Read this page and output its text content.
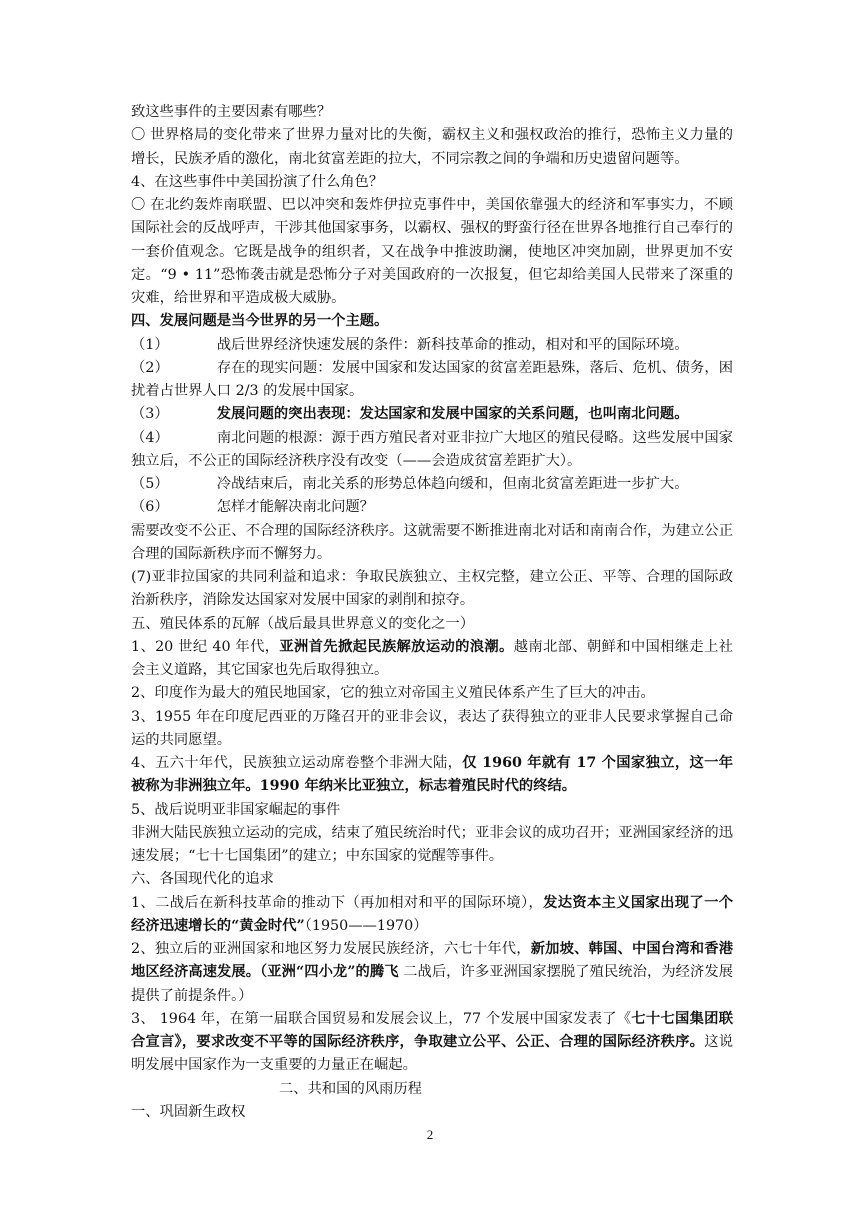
致这些事件的主要因素有哪些？

〇 世界格局的变化带来了世界力量对比的失衡，霸权主义和强权政治的推行，恐怖主义力量的增长，民族矛盾的激化，南北贫富差距的拉大，不同宗教之间的争端和历史遗留问题等。

4、在这些事件中美国扮演了什么角色？

〇 在北约轰炸南联盟、巴以冲突和轰炸伊拉克事件中，美国依靠强大的经济和军事实力，不顾国际社会的反战呼声，干涉其他国家事务，以霸权、强权的野蛮行径在世界各地推行自己奉行的一套价值观念。它既是战争的组织者，又在战争中推波助澜，使地区冲突加剧，世界更加不安定。“9 • 11”恐怖袭击就是恐怖分子对美国政府的一次报复，但它却给美国人民带来了深重的灾难，给世界和平造成极大威胁。

四、发展问题是当今世界的另一个主题。

（1）	战后世界经济快速发展的条件：新科技革命的推动，相对和平的国际环境。

（2）	存在的现实问题：发展中国家和发达国家的贫富差距悬殊，落后、危机、债务，困扰着占世界人口 2/3 的发展中国家。

（3）	发展问题的突出表现：发达国家和发展中国家的关系问题，也叫南北问题。

（4）	南北问题的根源：源于西方殖民者对亚非拉广大地区的殖民侵略。这些发展中国家独立后，不公正的国际经济秩序没有改变（——会造成贫富差距扩大）。

（5）	冷战结束后，南北关系的形势总体趋向缓和，但南北贫富差距进一步扩大。

（6）	怎样才能解决南北问题？

需要改变不公正、不合理的国际经济秩序。这就需要不断推进南北对话和南南合作，为建立公正合理的国际新秩序而不懈努力。

(7)亚非拉国家的共同利益和追求：争取民族独立、主权完整，建立公正、平等、合理的国际政治新秩序，消除发达国家对发展中国家的剥削和掠夺。

五、殖民体系的瓦解（战后最具世界意义的变化之一）

1、20 世纪 40 年代，亚洲首先掀起民族解放运动的浪潮。越南北部、朝鲜和中国相继走上社会主义道路，其它国家也先后取得独立。

2、印度作为最大的殖民地国家，它的独立对帝国主义殖民体系产生了巨大的冲击。

3、1955 年在印度尼西亚的万隆召开的亚非会议，表达了获得独立的亚非人民要求掌握自己命运的共同愿望。

4、五六十年代，民族独立运动席卷整个非洲大陆，仅 1960 年就有 17 个国家独立，这一年被称为非洲独立年。1990 年纳米比亚独立，标志着殖民时代的终结。

5、战后说明亚非国家崛起的事件

非洲大陆民族独立运动的完成，结束了殖民统治时代；亚非会议的成功召开；亚洲国家经济的迅速发展；“七十七国集团”的建立；中东国家的觉醒等事件。

六、各国现代化的追求

1、二战后在新科技革命的推动下（再加相对和平的国际环境），发达资本主义国家出现了一个经济迅速增长的“黄金时代”（1950——1970）

2、独立后的亚洲国家和地区努力发展民族经济，六七十年代，新加坡、韩国、中国台湾和香港地区经济高速发展。（亚洲“四小龙”的腾飞 二战后，许多亚洲国家摆脱了殖民统治，为经济发展提供了前提条件。）

3、 1964 年，在第一届联合国贸易和发展会议上，77 个发展中国家发表了《七十七国集团联合宣言》，要求改变不平等的国际经济秩序，争取建立公平、公正、合理的国际经济秩序。这说明发展中国家作为一支重要的力量正在崛起。

二、共和国的风雨历程

一、巩固新生政权

2
